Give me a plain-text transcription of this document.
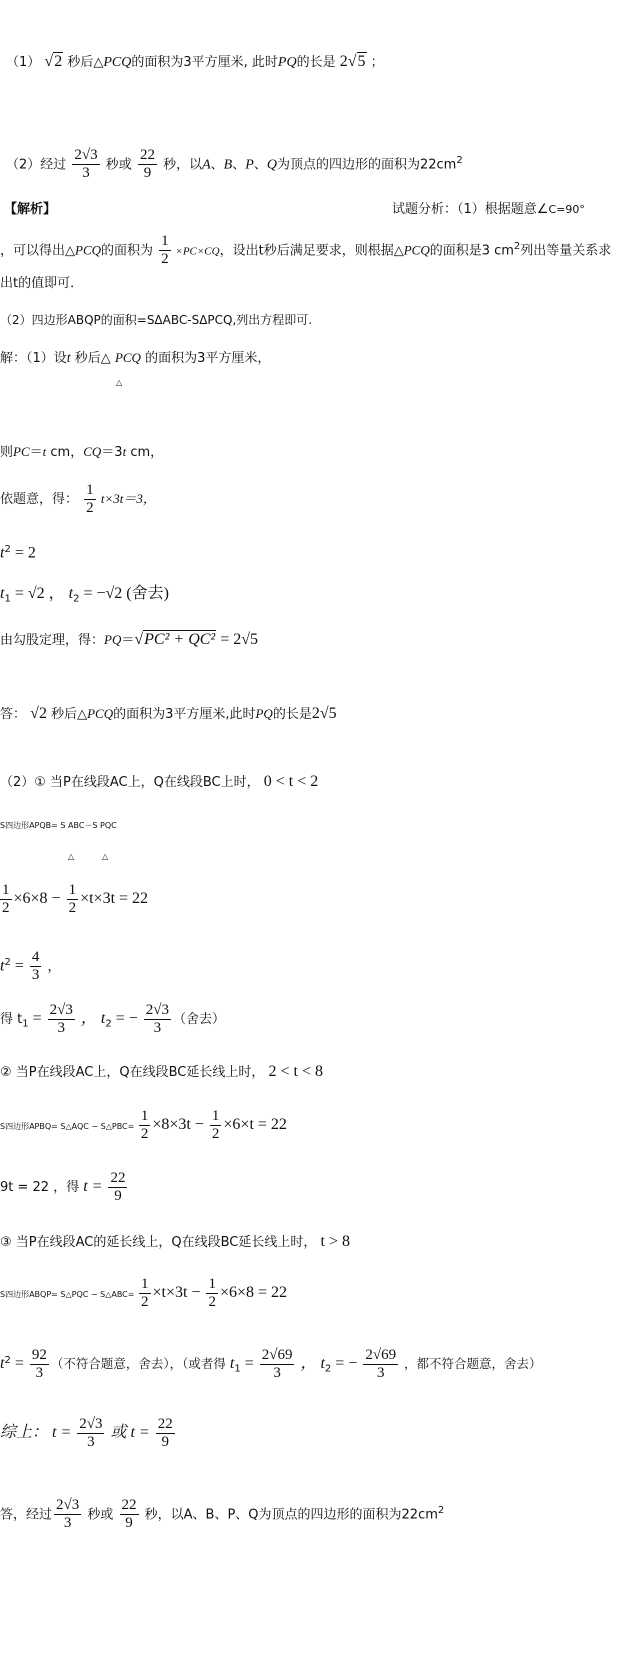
（1） √2 秒后△PCQ的面积为3平方厘米, 此时PQ的长是 2√5 ；
（2）经过 $\frac{2√3}{3}$ 秒或 $\frac{22}{9}$ 秒，以A、B、P、Q为顶点的四边形的面积为$22cm^2$
【解析】	试题分析：（1）根据题意∠C=90°
，可以得出△PCQ的面积为 $\frac{1}{2} \times PC\times CQ$，设出t秒后满足要求，则根据△PCQ的面积是3 $cm^2$列出等量关系求
出t的值即可．
（2）四边形ABQP的面积=SΔABC-SΔPCQ,列出方程即可.
解：（1）设t 秒后△ PCQ 的面积为3平方厘米，
△
则PC＝t cm，CQ＝3t cm，
依题意，得： $\frac{1}{2} t\times 3t=3$，
$t^2 = 2$
$t_1 = √2$ ， $t_2 = -√2$ (舍去)
由勾股定理，得：PQ＝√PC² + QC² = 2√5
答： √2 秒后△PCQ的面积为3平方厘米,此时PQ的长是2√5
（2）① 当P在线段AC上，Q在线段BC上时， 0 < t < 2
S四边形APQB= S ABC－S PQC
△	△
$\frac{1}{2} \times 6\times 8 - \frac{1}{2} \times t\times 3t = 22$
$t^2 = \frac{4}{3}$ ，
得 $t_1 = \frac{2√3}{3}$ ， $t_2$ = − $\frac{2√3}{3}$ （舍去）
② 当P在线段AC上，Q在线段BC延长线上时， 2 < t < 8
S四边形APBQ= S△AQC − S△PBC= $\frac{1}{2} \times 8\times 3t - \frac{1}{2} \times 6\times t = 22$
9t = 22 ，得 $t = \frac{22}{9}$
③ 当P在线段AC的延长线上，Q在线段BC延长线上时， t > 8
S四边形ABQP= S△PQC − S△ABC= $\frac{1}{2} \times t\times 3t - \frac{1}{2} \times 6\times 8 = 22$
$t^2 = \frac{92}{3}$ （不符合题意，舍去），（或者得 $t_1 = \frac{2√69}{3}$ ， $t_2$ = − $\frac{2√69}{3}$ ，都不符合题意，舍去）
综上： $t = \frac{2√3}{3}$ 或 $t = \frac{22}{9}$
答，经过 $\frac{2√3}{3}$ 秒或 $\frac{22}{9}$ 秒，以A、B、P、Q为顶点的四边形的面积为$22cm^2$
